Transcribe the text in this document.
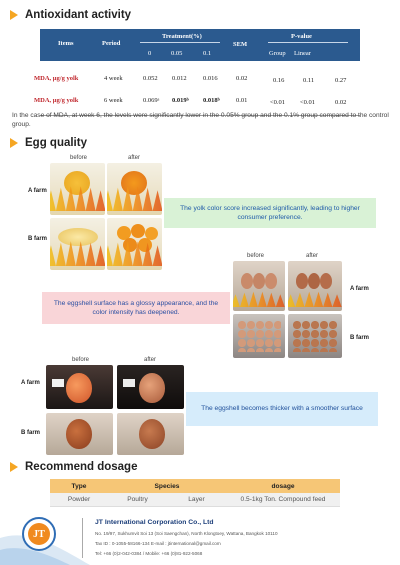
Antioxidant activity
Items	Period
Treatment(%)
0	0.05	0.1
SEM
P-value
Group Linear
MDA, µg/g yolk	4 week	0.052 0.012	0.016	0.02	0.16	0.11	0.27
MDA, µg/g yolk	6 week	0.069ᵃ 0.019ᵇ 0.018ᵇ	0.01	<0.01 <0.01	0.02

In the case of MDA, at week 6, the levels were significantly lower in the 0.05% group and the 0.1% group compared to the control group.

Egg quality
before	after
A farm
B farm
The yolk color score increased significantly, leading to higher consumer preference.
before	after
A farm
B farm
The eggshell surface has a glossy appearance, and the color intensity has deepened.
before	after
A farm
B farm
The eggshell becomes thicker with a smoother surface
Recommend dosage
Type	Species	dosage
Powder	Poultry	Layer	0.5-1kg Ton. Compound feed
JT
JT International Corporation Co., Ltd
No. 19/97, Sukhumvit Soi 13 (Soi Saengchan), North Klongtoey, Wattana, Bangkok 10110
Tax ID : 0-1055-58166-134 E-mail : jtinternational@gmail.com
Tel: +66 (0)2-042-0384 / Mobile: +66 (0)81-922-5068
